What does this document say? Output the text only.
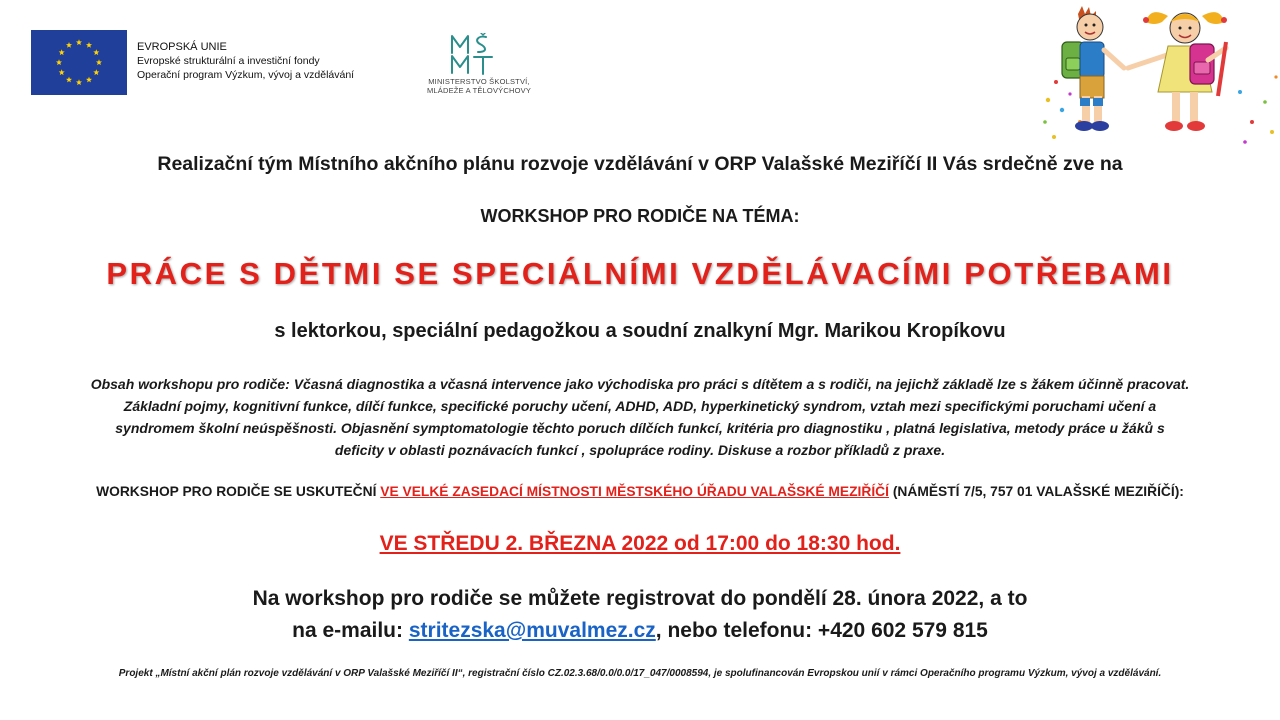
EVROPSKÁ UNIE
Evropské strukturální a investiční fondy
Operační program Výzkum, vývoj a vzdělávání
MINISTERSTVO ŠKOLSTVÍ,
MLÁDEŽE A TĚLOVÝCHOVY
Realizační tým Místního akčního plánu rozvoje vzdělávání v ORP Valašské Meziříčí II Vás srdečně zve na
WORKSHOP PRO RODIČE NA TÉMA:
PRÁCE S DĚTMI SE SPECIÁLNÍMI VZDĚLÁVACÍMI POTŘEBAMI
s lektorkou, speciální pedagožkou a soudní znalkyní Mgr. Marikou Kropíkovu
Obsah workshopu pro rodiče: Včasná diagnostika a včasná intervence jako východiska pro práci s dítětem a s rodiči, na jejichž základě lze s žákem účinně pracovat.
Základní pojmy, kognitivní funkce, dílčí funkce, specifické poruchy učení, ADHD, ADD, hyperkinetický syndrom, vztah mezi specifickými poruchami učení a
syndromem školní neúspěšnosti. Objasnění symptomatologie těchto poruch dílčích funkcí, kritéria pro diagnostiku , platná legislativa, metody práce u žáků s
deficity v oblasti poznávacích funkcí , spolupráce rodiny. Diskuse a rozbor příkladů z praxe.
WORKSHOP PRO RODIČE SE USKUTEČNÍ VE VELKÉ ZASEDACÍ MÍSTNOSTI MĚSTSKÉHO ÚŘADU VALAŠSKÉ MEZIŘÍČÍ (NÁMĚSTÍ 7/5, 757 01 VALAŠSKÉ MEZIŘÍČÍ):
VE STŘEDU 2. BŘEZNA 2022 od 17:00 do 18:30 hod.
Na workshop pro rodiče se můžete registrovat do pondělí 28. února 2022, a to
na e-mailu: stritezska@muvalmez.cz, nebo telefonu: +420 602 579 815
Projekt „Místní akční plán rozvoje vzdělávání v ORP Valašské Meziříčí II“, registrační číslo CZ.02.3.68/0.0/0.0/17_047/0008594, je spolufinancován Evropskou unií v rámci Operačního programu Výzkum, vývoj a vzdělávání.
